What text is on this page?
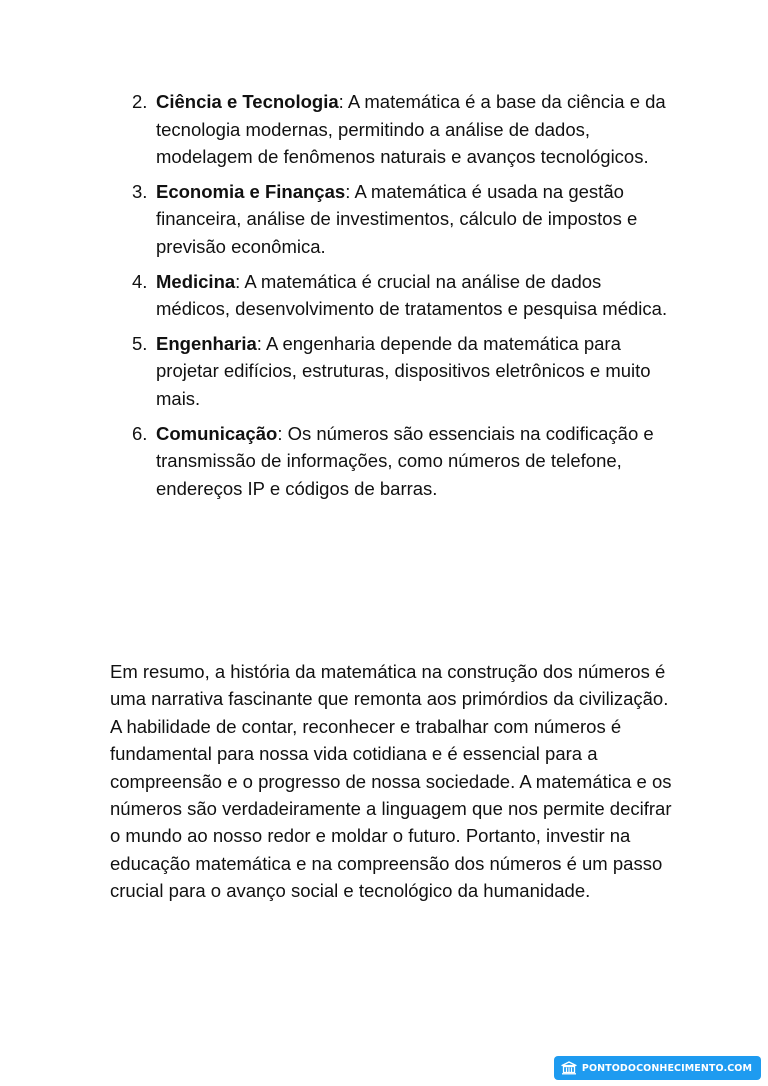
2. Ciência e Tecnologia: A matemática é a base da ciência e da tecnologia modernas, permitindo a análise de dados, modelagem de fenômenos naturais e avanços tecnológicos.
3. Economia e Finanças: A matemática é usada na gestão financeira, análise de investimentos, cálculo de impostos e previsão econômica.
4. Medicina: A matemática é crucial na análise de dados médicos, desenvolvimento de tratamentos e pesquisa médica.
5. Engenharia: A engenharia depende da matemática para projetar edifícios, estruturas, dispositivos eletrônicos e muito mais.
6. Comunicação: Os números são essenciais na codificação e transmissão de informações, como números de telefone, endereços IP e códigos de barras.

Em resumo, a história da matemática na construção dos números é uma narrativa fascinante que remonta aos primórdios da civilização. A habilidade de contar, reconhecer e trabalhar com números é fundamental para nossa vida cotidiana e é essencial para a compreensão e o progresso de nossa sociedade. A matemática e os números são verdadeiramente a linguagem que nos permite decifrar o mundo ao nosso redor e moldar o futuro. Portanto, investir na educação matemática e na compreensão dos números é um passo crucial para o avanço social e tecnológico da humanidade.

PONTODOCONHECIMENTO.COM
